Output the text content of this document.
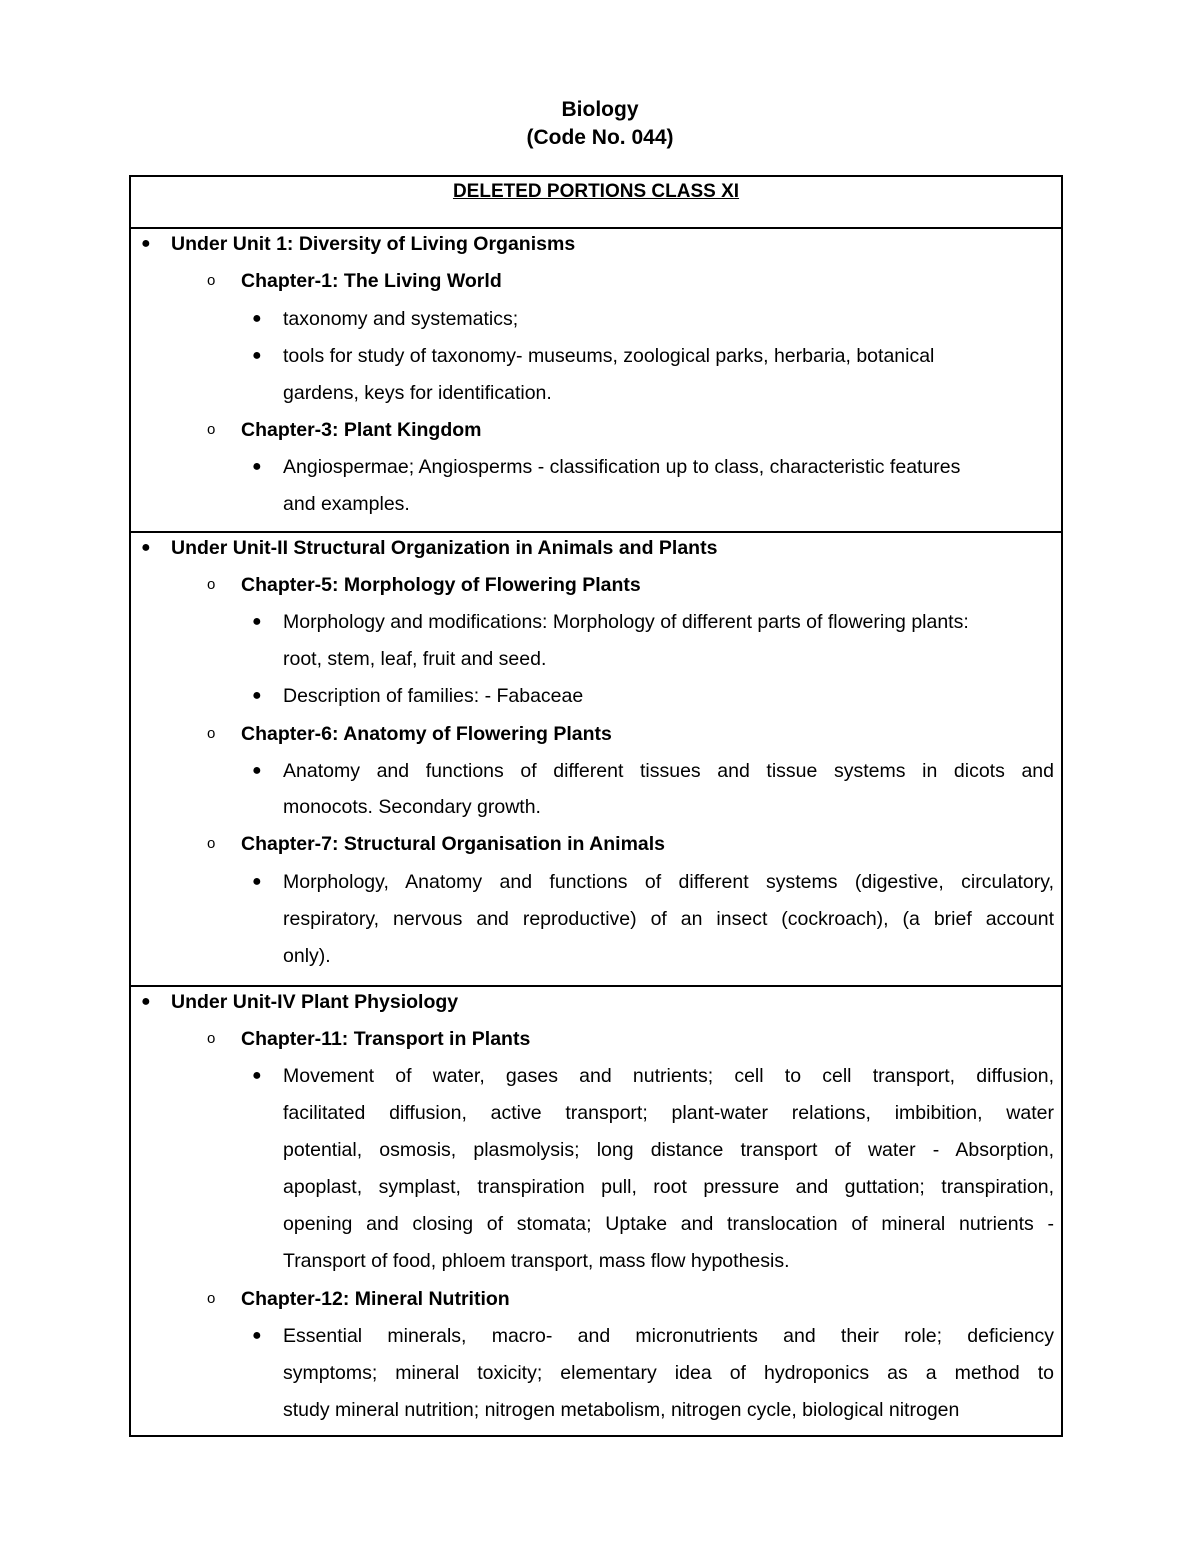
Biology
(Code No. 044)
DELETED PORTIONS CLASS XI
● Under Unit 1: Diversity of Living Organisms
o Chapter-1: The Living World
● taxonomy and systematics;
● tools for study of taxonomy- museums, zoological parks, herbaria, botanical
gardens, keys for identification.
o Chapter-3: Plant Kingdom
● Angiospermae; Angiosperms - classification up to class, characteristic features
and examples.
● Under Unit-II Structural Organization in Animals and Plants
o Chapter-5: Morphology of Flowering Plants
● Morphology and modifications: Morphology of different parts of flowering plants:
root, stem, leaf, fruit and seed.
● Description of families: - Fabaceae
o Chapter-6: Anatomy of Flowering Plants
● Anatomy and functions of different tissues and tissue systems in dicots and
monocots. Secondary growth.
o Chapter-7: Structural Organisation in Animals
● Morphology, Anatomy and functions of different systems (digestive, circulatory,
respiratory, nervous and reproductive) of an insect (cockroach), (a brief account
only).
● Under Unit-IV Plant Physiology
o Chapter-11: Transport in Plants
● Movement of water, gases and nutrients; cell to cell transport, diffusion,
facilitated diffusion, active transport; plant-water relations, imbibition, water
potential, osmosis, plasmolysis; long distance transport of water - Absorption,
apoplast, symplast, transpiration pull, root pressure and guttation; transpiration,
opening and closing of stomata; Uptake and translocation of mineral nutrients -
Transport of food, phloem transport, mass flow hypothesis.
o Chapter-12: Mineral Nutrition
● Essential minerals, macro- and micronutrients and their role; deficiency
symptoms; mineral toxicity; elementary idea of hydroponics as a method to
study mineral nutrition; nitrogen metabolism, nitrogen cycle, biological nitrogen
